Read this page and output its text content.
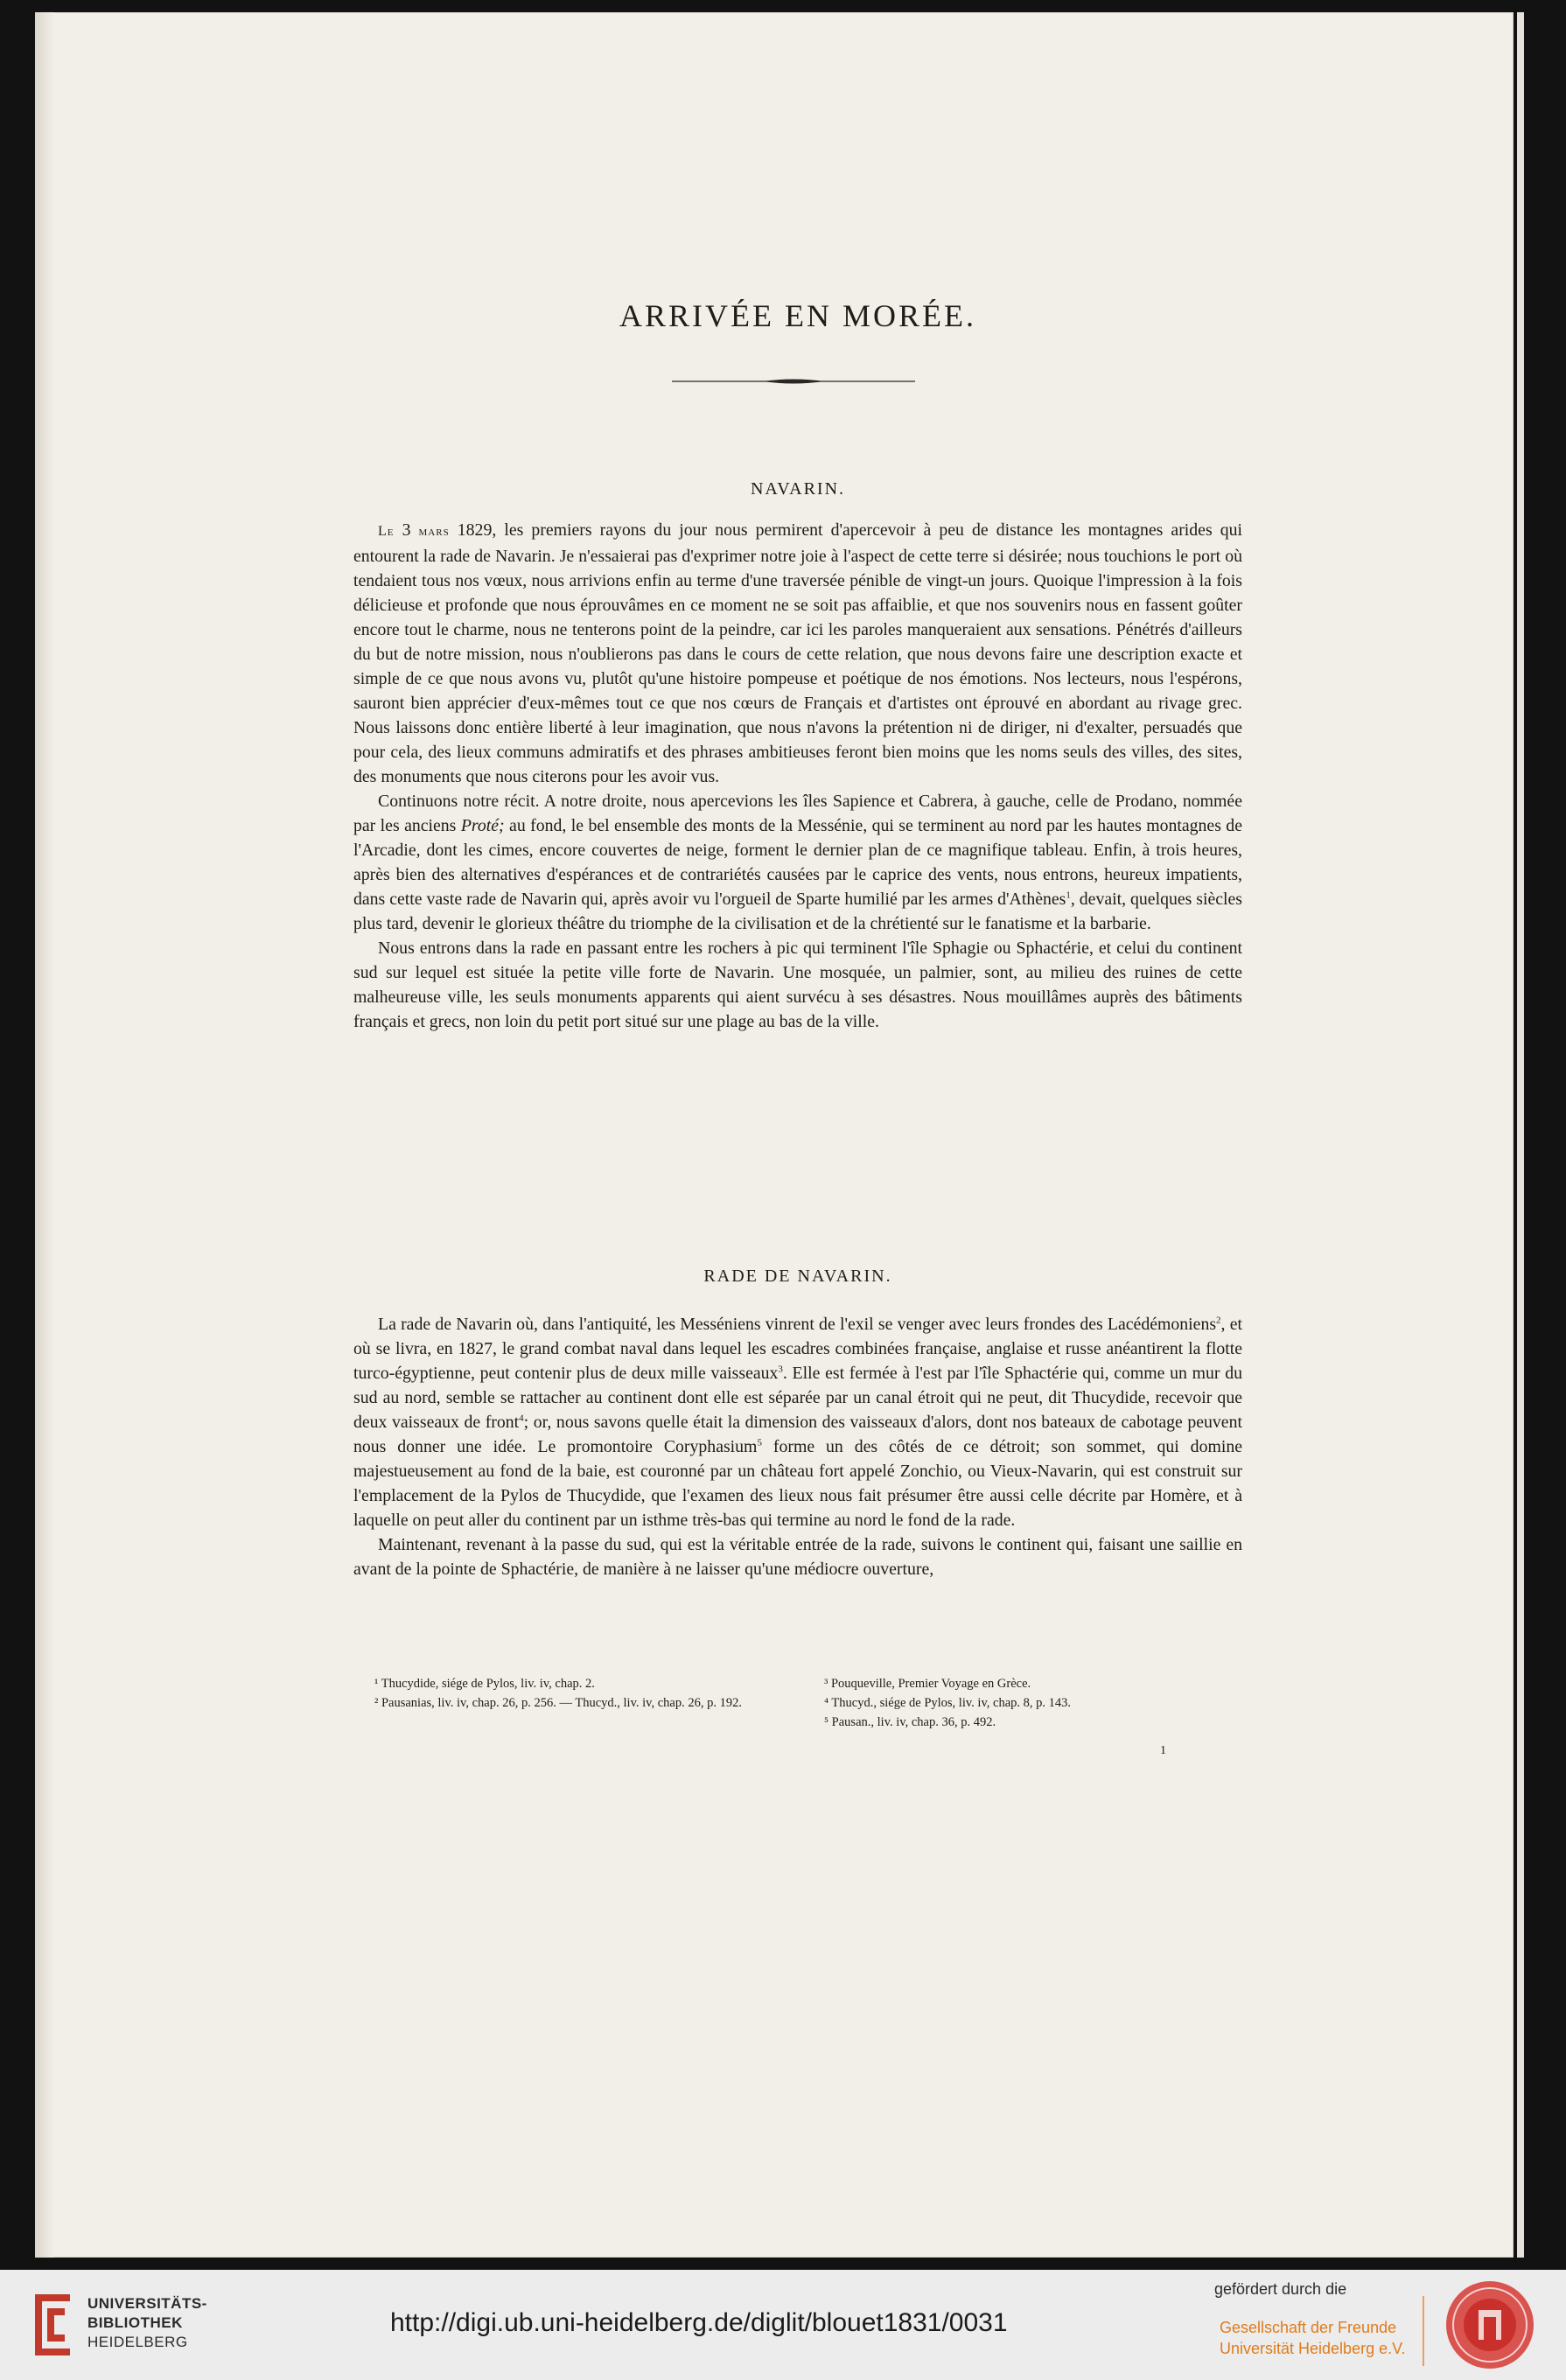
ARRIVÉE EN MORÉE.
NAVARIN.

Le 3 mars 1829, les premiers rayons du jour nous permirent d'apercevoir à peu de distance les montagnes arides qui entourent la rade de Navarin. Je n'essaierai pas d'exprimer notre joie à l'aspect de cette terre si désirée; nous touchions le port où tendaient tous nos vœux, nous arrivions enfin au terme d'une traversée pénible de vingt-un jours. Quoique l'impression à la fois délicieuse et profonde que nous éprouvâmes en ce moment ne se soit pas affaiblie, et que nos souvenirs nous en fassent goûter encore tout le charme, nous ne tenterons point de la peindre, car ici les paroles manqueraient aux sensations. Pénétrés d'ailleurs du but de notre mission, nous n'oublierons pas dans le cours de cette relation, que nous devons faire une description exacte et simple de ce que nous avons vu, plutôt qu'une histoire pompeuse et poétique de nos émotions. Nos lecteurs, nous l'espérons, sauront bien apprécier d'eux-mêmes tout ce que nos cœurs de Français et d'artistes ont éprouvé en abordant au rivage grec. Nous laissons donc entière liberté à leur imagination, que nous n'avons la prétention ni de diriger, ni d'exalter, persuadés que pour cela, des lieux communs admiratifs et des phrases ambitieuses feront bien moins que les noms seuls des villes, des sites, des monuments que nous citerons pour les avoir vus.

Continuons notre récit. A notre droite, nous apercevions les îles Sapience et Cabrera, à gauche, celle de Prodano, nommée par les anciens Proté; au fond, le bel ensemble des monts de la Messénie, qui se terminent au nord par les hautes montagnes de l'Arcadie, dont les cimes, encore couvertes de neige, forment le dernier plan de ce magnifique tableau. Enfin, à trois heures, après bien des alternatives d'espérances et de contrariétés causées par le caprice des vents, nous entrons, heureux impatients, dans cette vaste rade de Navarin qui, après avoir vu l'orgueil de Sparte humilié par les armes d'Athènes$^1$, devait, quelques siècles plus tard, devenir le glorieux théâtre du triomphe de la civilisation et de la chrétienté sur le fanatisme et la barbarie.

Nous entrons dans la rade en passant entre les rochers à pic qui terminent l'île Sphagie ou Sphactérie, et celui du continent sud sur lequel est située la petite ville forte de Navarin. Une mosquée, un palmier, sont, au milieu des ruines de cette malheureuse ville, les seuls monuments apparents qui aient survécu à ses désastres. Nous mouillâmes auprès des bâtiments français et grecs, non loin du petit port situé sur une plage au bas de la ville.

RADE DE NAVARIN.

La rade de Navarin où, dans l'antiquité, les Messéniens vinrent de l'exil se venger avec leurs frondes des Lacédémoniens$^2$, et où se livra, en 1827, le grand combat naval dans lequel les escadres combinées française, anglaise et russe anéantirent la flotte turco-égyptienne, peut contenir plus de deux mille vaisseaux$^3$. Elle est fermée à l'est par l'île Sphactérie qui, comme un mur du sud au nord, semble se rattacher au continent dont elle est séparée par un canal étroit qui ne peut, dit Thucydide, recevoir que deux vaisseaux de front$^4$; or, nous savons quelle était la dimension des vaisseaux d'alors, dont nos bateaux de cabotage peuvent nous donner une idée. Le promontoire Coryphasium$^5$ forme un des côtés de ce détroit; son sommet, qui domine majestueusement au fond de la baie, est couronné par un château fort appelé Zonchio, ou Vieux-Navarin, qui est construit sur l'emplacement de la Pylos de Thucydide, que l'examen des lieux nous fait présumer être aussi celle décrite par Homère, et à laquelle on peut aller du continent par un isthme très-bas qui termine au nord le fond de la rade.

Maintenant, revenant à la passe du sud, qui est la véritable entrée de la rade, suivons le continent qui, faisant une saillie en avant de la pointe de Sphactérie, de manière à ne laisser qu'une médiocre ouverture,

¹ Thucydide, siége de Pylos, liv. iv, chap. 2.

² Pausanias, liv. iv, chap. 26, p. 256. — Thucyd., liv. iv, chap. 26, p. 192.

³ Pouqueville, Premier Voyage en Grèce.

⁴ Thucyd., siége de Pylos, liv. iv, chap. 8, p. 143.

⁵ Pausan., liv. iv, chap. 36, p. 492.

1
UNIVERSITÄTS-
BIBLIOTHEK
HEIDELBERG
http://digi.ub.uni-heidelberg.de/diglit/blouet1831/0031
gefördert durch die
Gesellschaft der Freunde
Universität Heidelberg e.V.
